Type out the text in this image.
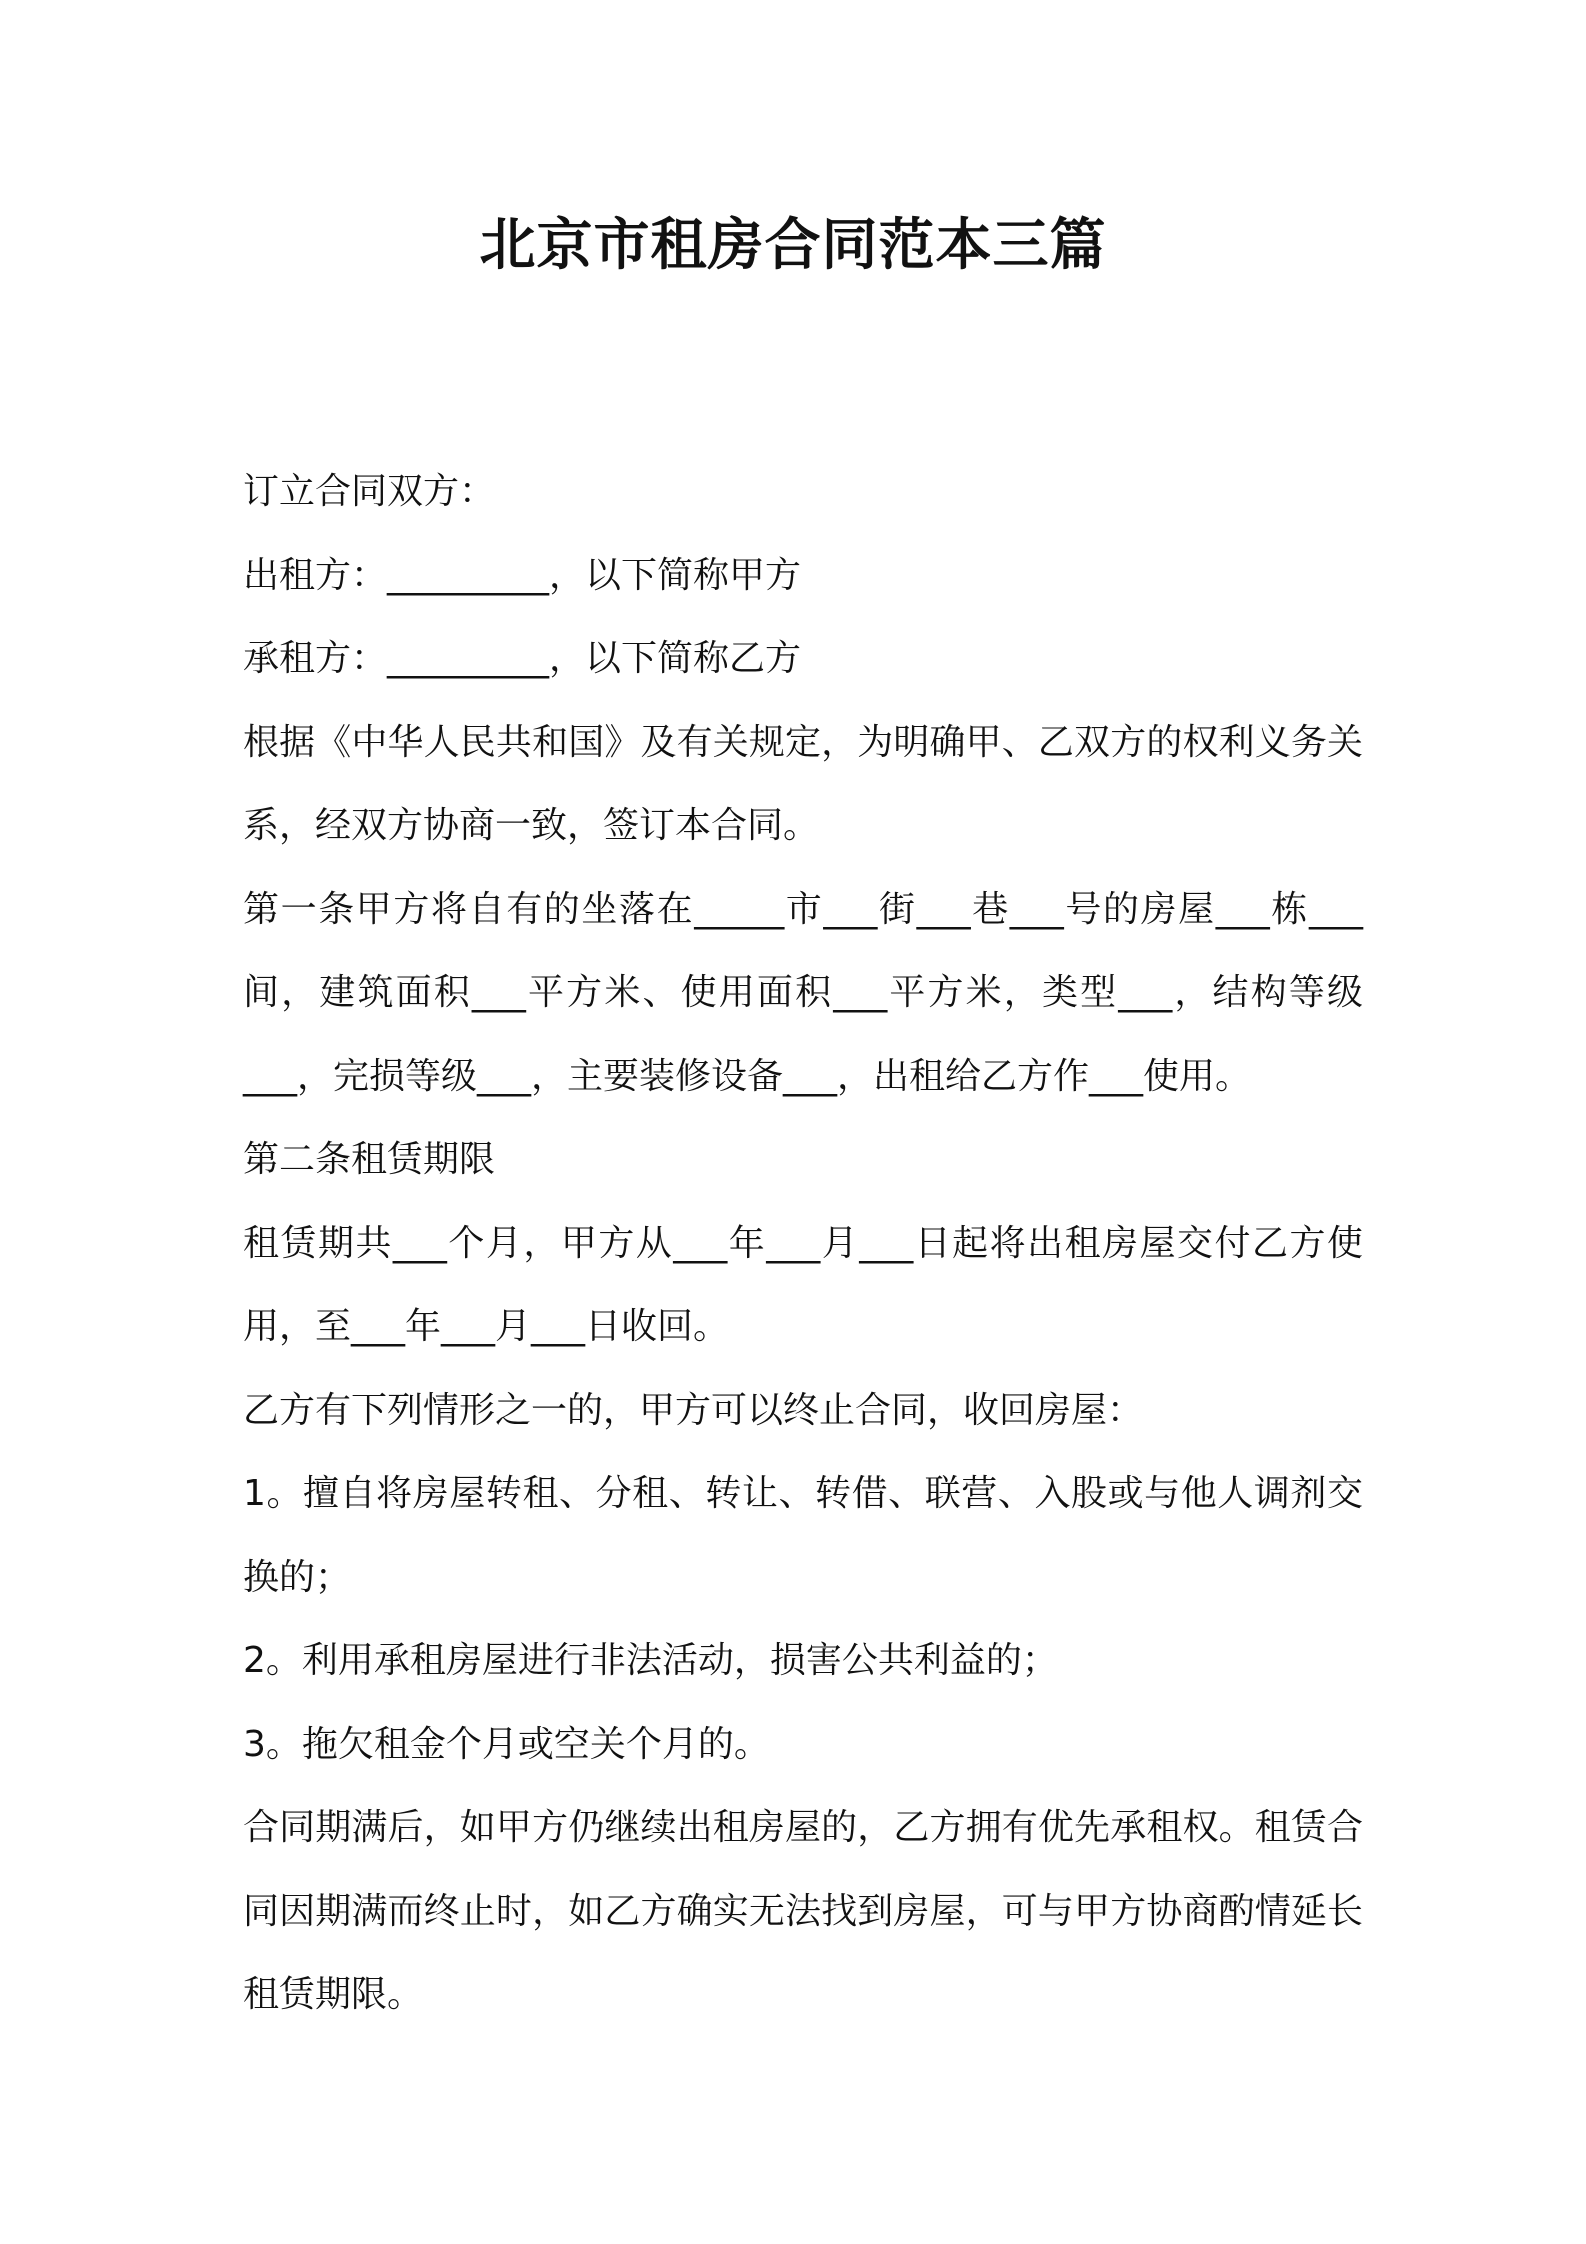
北京市租房合同范本三篇

订立合同双方：

出租方：_________，以下简称甲方

承租方：_________，以下简称乙方

根据《中华人民共和国》及有关规定，为明确甲、乙双方的权利义务关系，经双方协商一致，签订本合同。

第一条甲方将自有的坐落在_____市___街___巷___号的房屋___栋___间，建筑面积___平方米、使用面积___平方米，类型___，结构等级___，完损等级___，主要装修设备___，出租给乙方作___使用。

第二条租赁期限

租赁期共___个月，甲方从___年___月___日起将出租房屋交付乙方使用，至___年___月___日收回。

乙方有下列情形之一的，甲方可以终止合同，收回房屋：

1。擅自将房屋转租、分租、转让、转借、联营、入股或与他人调剂交换的；

2。利用承租房屋进行非法活动，损害公共利益的；

3。拖欠租金个月或空关个月的。

合同期满后，如甲方仍继续出租房屋的，乙方拥有优先承租权。租赁合同因期满而终止时，如乙方确实无法找到房屋，可与甲方协商酌情延长租赁期限。
